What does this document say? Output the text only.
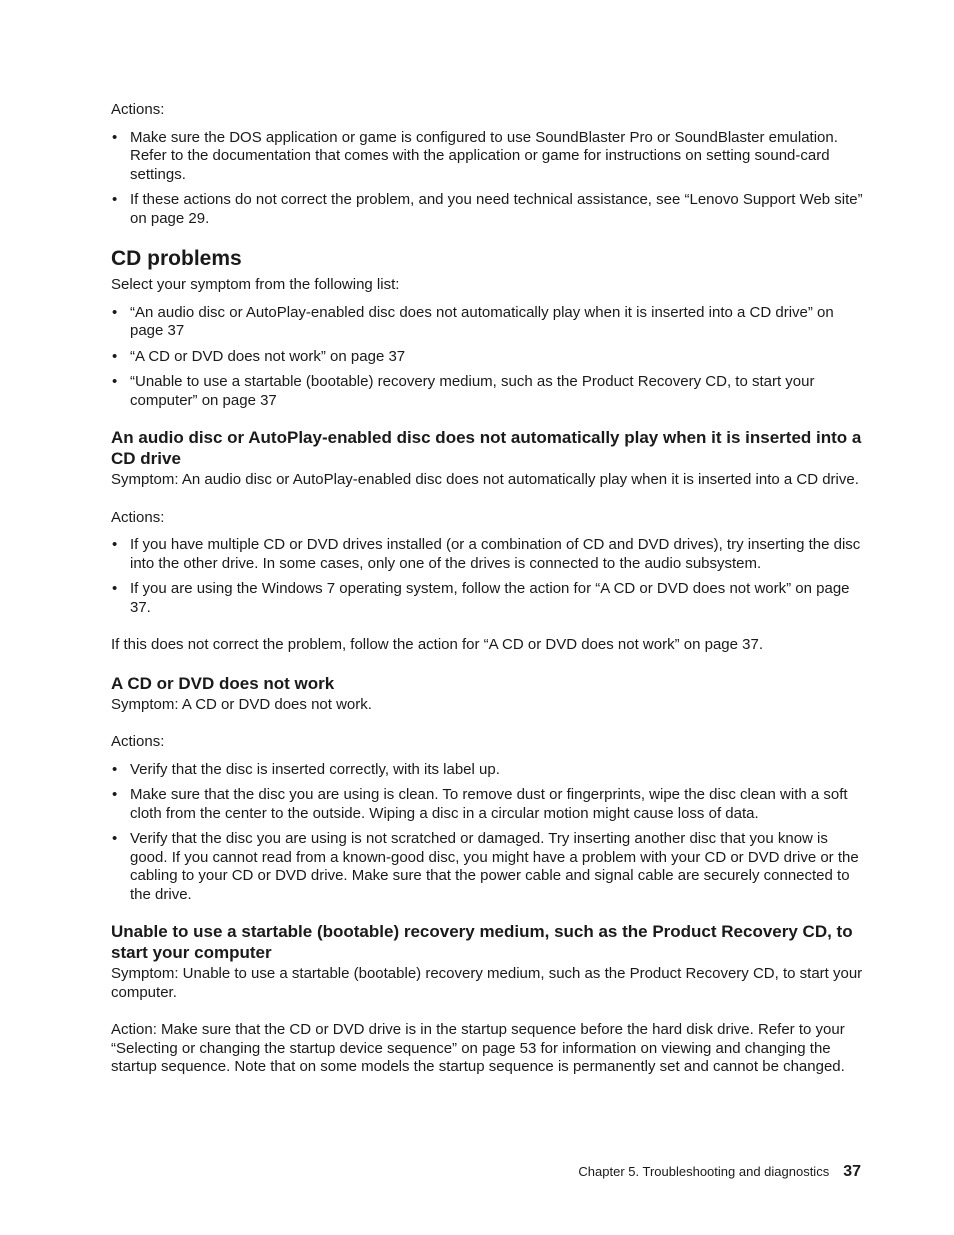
Actions:

• Make sure the DOS application or game is configured to use SoundBlaster Pro or SoundBlaster emulation. Refer to the documentation that comes with the application or game for instructions on setting sound-card settings.
• If these actions do not correct the problem, and you need technical assistance, see “Lenovo Support Web site” on page 29.
CD problems

Select your symptom from the following list:

• “An audio disc or AutoPlay-enabled disc does not automatically play when it is inserted into a CD drive” on page 37
• “A CD or DVD does not work” on page 37
• “Unable to use a startable (bootable) recovery medium, such as the Product Recovery CD, to start your computer” on page 37
An audio disc or AutoPlay-enabled disc does not automatically play when it is inserted into a CD drive

Symptom: An audio disc or AutoPlay-enabled disc does not automatically play when it is inserted into a CD drive.

Actions:

• If you have multiple CD or DVD drives installed (or a combination of CD and DVD drives), try inserting the disc into the other drive. In some cases, only one of the drives is connected to the audio subsystem.
• If you are using the Windows 7 operating system, follow the action for “A CD or DVD does not work” on page 37.

If this does not correct the problem, follow the action for “A CD or DVD does not work” on page 37.

A CD or DVD does not work

Symptom: A CD or DVD does not work.

Actions:

• Verify that the disc is inserted correctly, with its label up.
• Make sure that the disc you are using is clean. To remove dust or fingerprints, wipe the disc clean with a soft cloth from the center to the outside. Wiping a disc in a circular motion might cause loss of data.
• Verify that the disc you are using is not scratched or damaged. Try inserting another disc that you know is good. If you cannot read from a known-good disc, you might have a problem with your CD or DVD drive or the cabling to your CD or DVD drive. Make sure that the power cable and signal cable are securely connected to the drive.
Unable to use a startable (bootable) recovery medium, such as the Product Recovery CD, to start your computer

Symptom: Unable to use a startable (bootable) recovery medium, such as the Product Recovery CD, to start your computer.

Action: Make sure that the CD or DVD drive is in the startup sequence before the hard disk drive. Refer to your “Selecting or changing the startup device sequence” on page 53 for information on viewing and changing the startup sequence. Note that on some models the startup sequence is permanently set and cannot be changed.

Chapter 5. Troubleshooting and diagnostics 37
